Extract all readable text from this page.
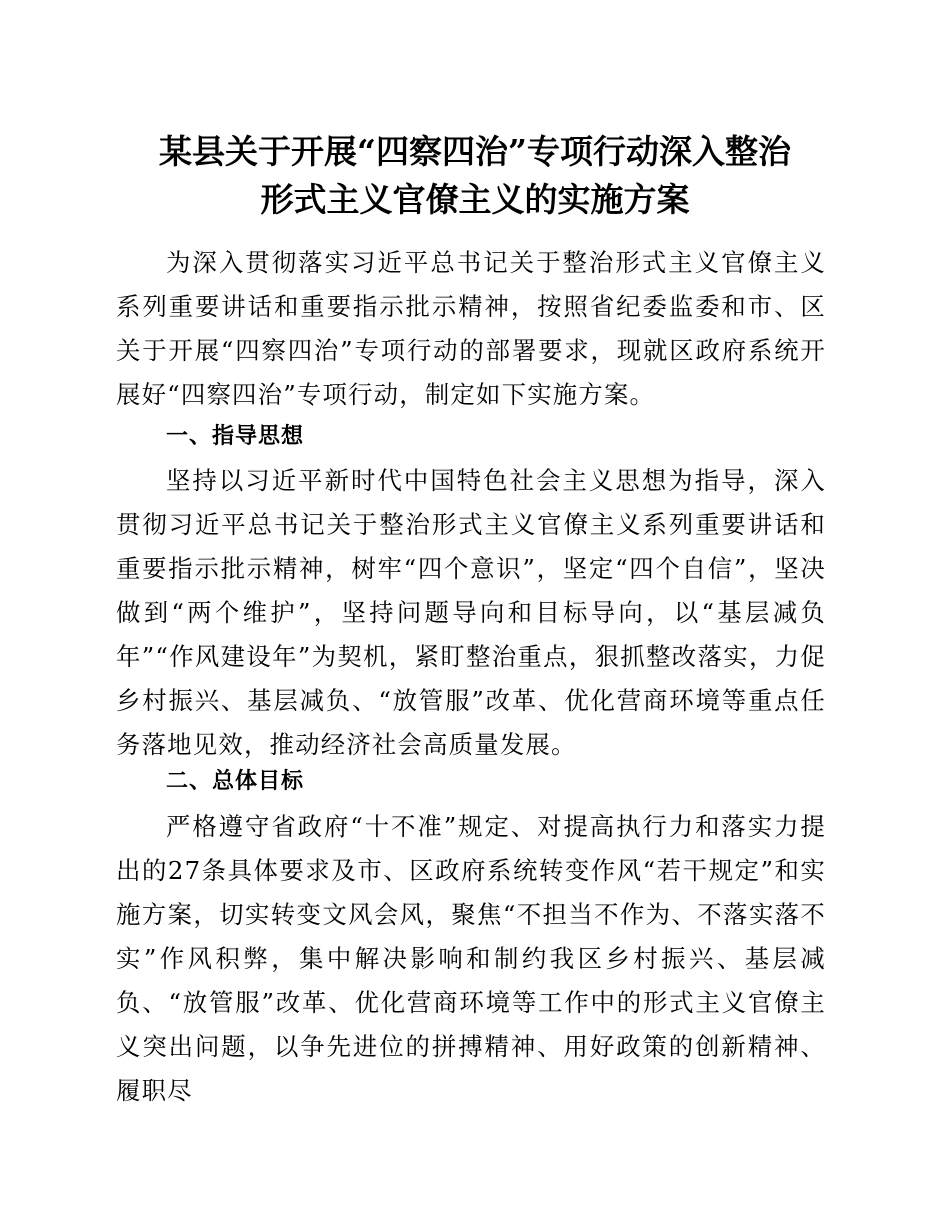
某县关于开展“四察四治”专项行动深入整治
形式主义官僚主义的实施方案

为深入贯彻落实习近平总书记关于整治形式主义官僚主义系列重要讲话和重要指示批示精神，按照省纪委监委和市、区关于开展“四察四治”专项行动的部署要求，现就区政府系统开展好“四察四治”专项行动，制定如下实施方案。

一、指导思想

坚持以习近平新时代中国特色社会主义思想为指导，深入贯彻习近平总书记关于整治形式主义官僚主义系列重要讲话和重要指示批示精神，树牢“四个意识”，坚定“四个自信”，坚决做到“两个维护”，坚持问题导向和目标导向，以“基层减负年”“作风建设年”为契机，紧盯整治重点，狠抓整改落实，力促乡村振兴、基层减负、“放管服”改革、优化营商环境等重点任务落地见效，推动经济社会高质量发展。

二、总体目标

严格遵守省政府“十不准”规定、对提高执行力和落实力提出的27条具体要求及市、区政府系统转变作风“若干规定”和实施方案，切实转变文风会风，聚焦“不担当不作为、不落实落不实”作风积弊，集中解决影响和制约我区乡村振兴、基层减负、“放管服”改革、优化营商环境等工作中的形式主义官僚主义突出问题，以争先进位的拼搏精神、用好政策的创新精神、履职尽
